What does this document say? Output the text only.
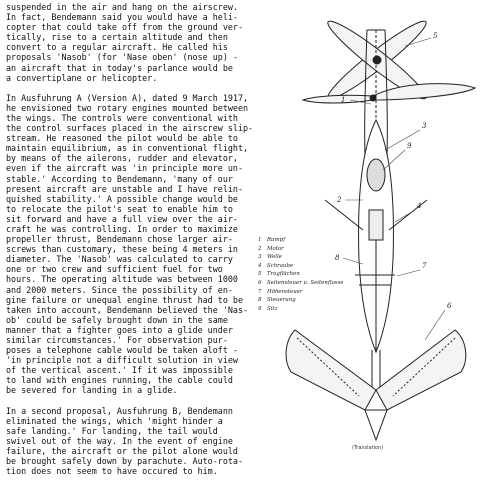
suspended in the air and hang on the airscrew.

In fact, Bendemann said you would have a heli-

copter that could take off from the ground ver-

tically, rise to a certain altitude and then

convert to a regular aircraft. He called his

proposals 'Nasob' (for 'Nase oben' (nose up) -

an aircraft that in today's parlance would be

a convertiplane or helicopter.

In Ausfuhrung A (Version A), dated 9 March 1917,

he envisioned two rotary engines mounted between

the wings. The controls were conventional with

the control surfaces placed in the airscrew slip-

stream. He reasoned the pilot would be able to

maintain equilibrium, as in conventional flight,

by means of the ailerons, rudder and elevator,

even if the aircraft was 'in principle more un-

stable.' According to Bendemann, 'many of our

present aircraft are unstable and I have relin-

quished stability.' A possible change would be

to relocate the pilot's seat to enable him to

sit forward and have a full view over the air-

craft he was controlling. In order to maximize

propeller thrust, Bendemann chose larger air-

screws than customary, these being 4 meters in

diameter. The 'Nasob' was calculated to carry

one or two crew and sufficient fuel for two

hours. The operating altitude was between 1000

and 2000 meters. Since the possibility of en-

gine failure or unequal engine thrust had to be

taken into account, Bendemann believed the 'Nas-

ob' could be safely brought down in the same

manner that a fighter goes into a glide under

similar circumstances.' For observation pur-

poses a telephone cable would be taken aloft -

'in principle not a difficult solution in view

of the vertical ascent.' If it was impossible

to land with engines running, the cable could

be severed for landing in a glide.

In a second proposal, Ausfuhrung B, Bendemann

eliminated the wings, which 'might hinder a

safe landing.' For landing, the tail would

swivel out of the way. In the event of engine

failure, the aircraft or the pilot alone would

be brought safely down by parachute. Auto-rota-

tion does not seem to have occured to him.

5
1
9
3
2
4
8
7
6
1 Rumpf
2 Motor
3 Welle
4 Schraube
5 Tragflächen
6 Seitensteuer u. Seitenflosse
7 Höhensteuer
8 Steuerung
9 Sitz
(Translation)
